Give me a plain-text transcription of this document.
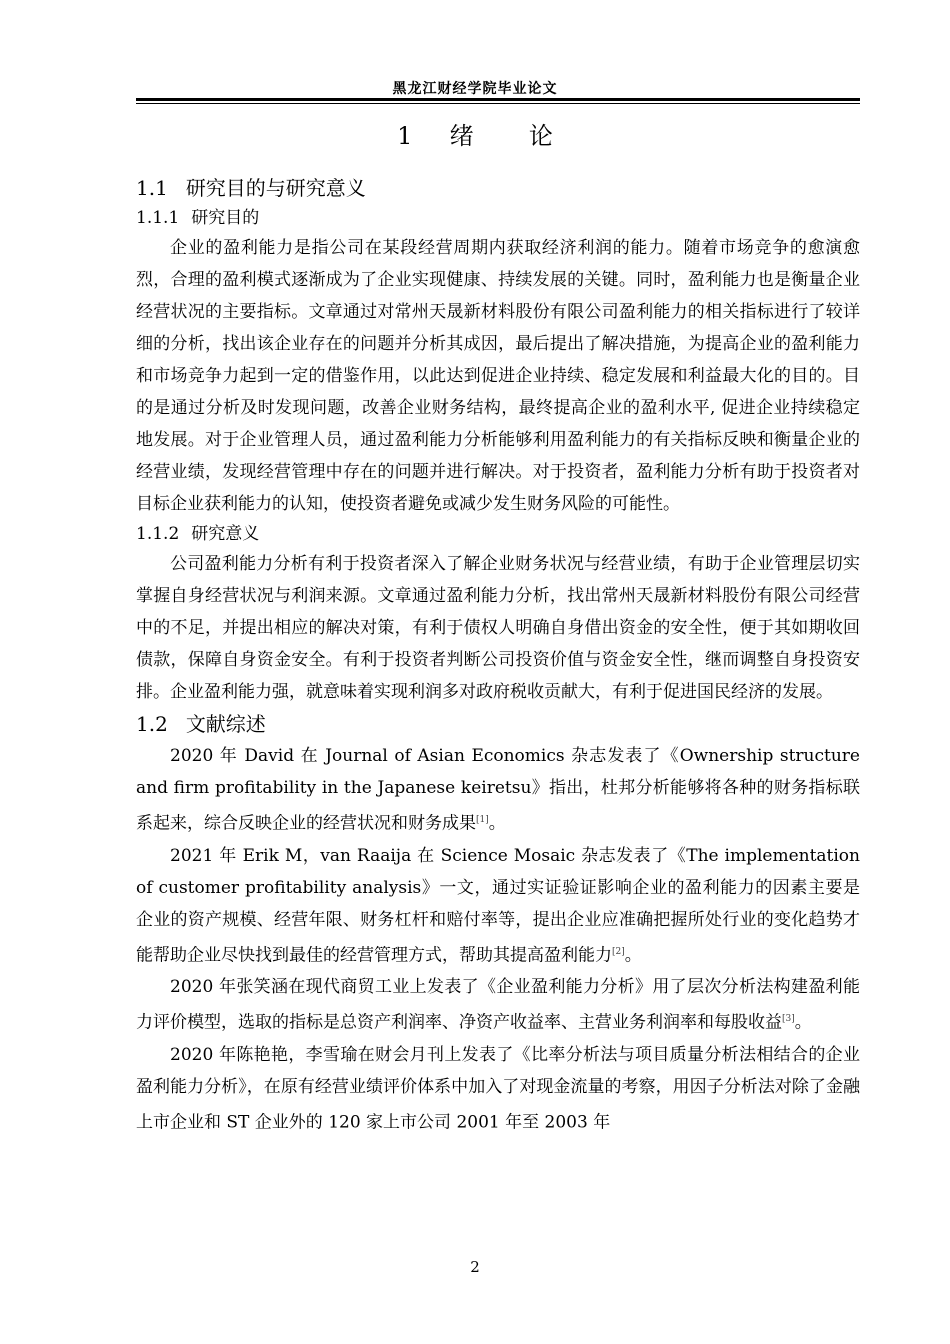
黑龙江财经学院毕业论文
1 绪 论
1.1 研究目的与研究意义
1.1.1 研究目的

企业的盈利能力是指公司在某段经营周期内获取经济利润的能力。随着市场竞争的愈演愈烈，合理的盈利模式逐渐成为了企业实现健康、持续发展的关键。同时，盈利能力也是衡量企业经营状况的主要指标。文章通过对常州天晟新材料股份有限公司盈利能力的相关指标进行了较详细的分析，找出该企业存在的问题并分析其成因，最后提出了解决措施，为提高企业的盈利能力和市场竞争力起到一定的借鉴作用，以此达到促进企业持续、稳定发展和利益最大化的目的。目的是通过分析及时发现问题，改善企业财务结构，最终提高企业的盈利水平, 促进企业持续稳定地发展。对于企业管理人员，通过盈利能力分析能够利用盈利能力的有关指标反映和衡量企业的经营业绩，发现经营管理中存在的问题并进行解决。对于投资者，盈利能力分析有助于投资者对目标企业获利能力的认知，使投资者避免或减少发生财务风险的可能性。

1.1.2 研究意义

公司盈利能力分析有利于投资者深入了解企业财务状况与经营业绩，有助于企业管理层切实掌握自身经营状况与利润来源。文章通过盈利能力分析，找出常州天晟新材料股份有限公司经营中的不足，并提出相应的解决对策，有利于债权人明确自身借出资金的安全性，便于其如期收回债款，保障自身资金安全。有利于投资者判断公司投资价值与资金安全性，继而调整自身投资安排。企业盈利能力强，就意味着实现利润多对政府税收贡献大，有利于促进国民经济的发展。

1.2 文献综述

2020 年 David 在 Journal of Asian Economics 杂志发表了《Ownership structure and firm profitability in the Japanese keiretsu》指出，杜邦分析能够将各种的财务指标联系起来，综合反映企业的经营状况和财务成果[1]。

2021 年 Erik M，van Raaija 在 Science Mosaic 杂志发表了《The implementation of customer profitability analysis》一文，通过实证验证影响企业的盈利能力的因素主要是企业的资产规模、经营年限、财务杠杆和赔付率等，提出企业应准确把握所处行业的变化趋势才能帮助企业尽快找到最佳的经营管理方式，帮助其提高盈利能力[2]。

2020 年张笑涵在现代商贸工业上发表了《企业盈利能力分析》用了层次分析法构建盈利能力评价模型，选取的指标是总资产利润率、净资产收益率、主营业务利润率和每股收益[3]。

2020 年陈艳艳，李雪瑜在财会月刊上发表了《比率分析法与项目质量分析法相结合的企业盈利能力分析》，在原有经营业绩评价体系中加入了对现金流量的考察，用因子分析法对除了金融上市企业和 ST 企业外的 120 家上市公司 2001 年至 2003 年

2
